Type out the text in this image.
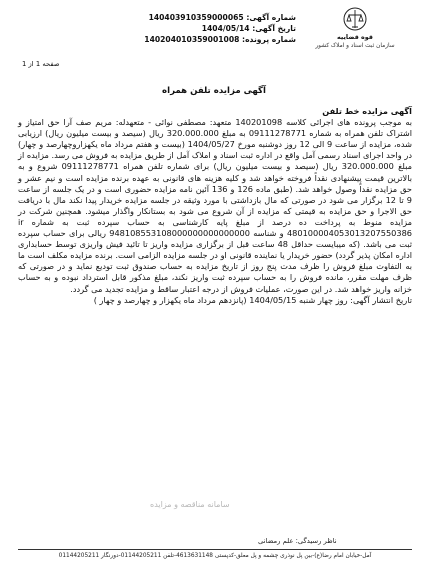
شماره آگهی: 140403910359000065
تاریخ آگهی: 1404/05/14
شماره پرونده: 140204010359001008	قوه قضاییه
سازمان ثبت اسناد و املاک کشور
صفحه 1 از 1
آگهی مزایده تلفن همراه

آگهی مزایده خط تلفن

به موجب پرونده های اجرائی کلاسه 140201098 متعهد: مصطفی نوائی - متعهدله: مریم صف آرا حق امتیاز و اشتراک تلفن همراه به شماره 09111278771 به مبلغ 320.000.000 ریال (سیصد و بیست میلیون ریال) ارزیابی شده، مزایده از ساعت 9 الی 12 روز دوشنبه مورخ 1404/05/27 (بیست و هفتم مرداد ماه یکهزاروچهارصد و چهار) در واحد اجرای اسناد رسمی آمل واقع در اداره ثبت اسناد و املاک آمل از طریق مزایده به فروش می رسد. مزایده از مبلغ 320.000.000 ریال (سیصد و بیست میلیون ریال) برای شماره تلفن همراه 09111278771 شروع و به بالاترین قیمت پیشنهادی نقداً فروخته خواهد شد و کلیه هزینه های قانونی به عهده برنده مزایده است و نیم عشر و حق مزایده نقداً وصول خواهد شد. (طبق ماده 126 و 136 آئین نامه مزایده حضوری است و در یک جلسه از ساعت 9 تا 12 برگزار می شود در صورتی که مال بازداشتی با مورد وثیقه در جلسه مزایده خریدار پیدا نکند مال با دریافت حق الاجرا و حق مزایده به قیمتی که مزایده از آن شروع می شود به بستانکار واگذار میشود. همچنین شرکت در مزایده منوط به پرداخت ده درصد از مبلغ پایه کارشناسی به حساب سپرده ثبت به شماره ir 480100004053013207550386 و شناسه 948108553108000000000000000 ریالی برای حساب سپرده ثبت می باشد. (که میبایست حداقل 48 ساعت قبل از برگزاری مزایده واریز تا تائید فیش واریزی توسط حسابداری اداره امکان پذیر گردد) حضور خریدار یا نماینده قانونی او در جلسه مزایده الزامی است. برنده مزایده مکلف است ما به التفاوت مبلغ فروش را ظرف مدت پنج روز از تاریخ مزایده به حساب صندوق ثبت تودیع نماید و در صورتی که ظرف مهلت مقرر، مانده فروش را به حساب سپرده ثبت واریز نکند، مبلغ مذکور قابل استرداد نبوده و به حساب خزانه واریز خواهد شد. در این صورت، عملیات فروش از درجه اعتبار ساقط و مزایده تجدید می گردد.

تاریخ انتشار آگهی: روز چهار شنبه 1404/05/15 (پانزدهم مرداد ماه یکهزار و چهارصد و چهار )

سامانه مناقصه و مزایده
ناظر رسیدگی: علم رمضانی
آمل-خیابان امام رضا(ع)-بین پل نوذری چشمه و پل معلق-کدپستی 4613631148-تلفن 01144205211-دورنگار 01144205211
